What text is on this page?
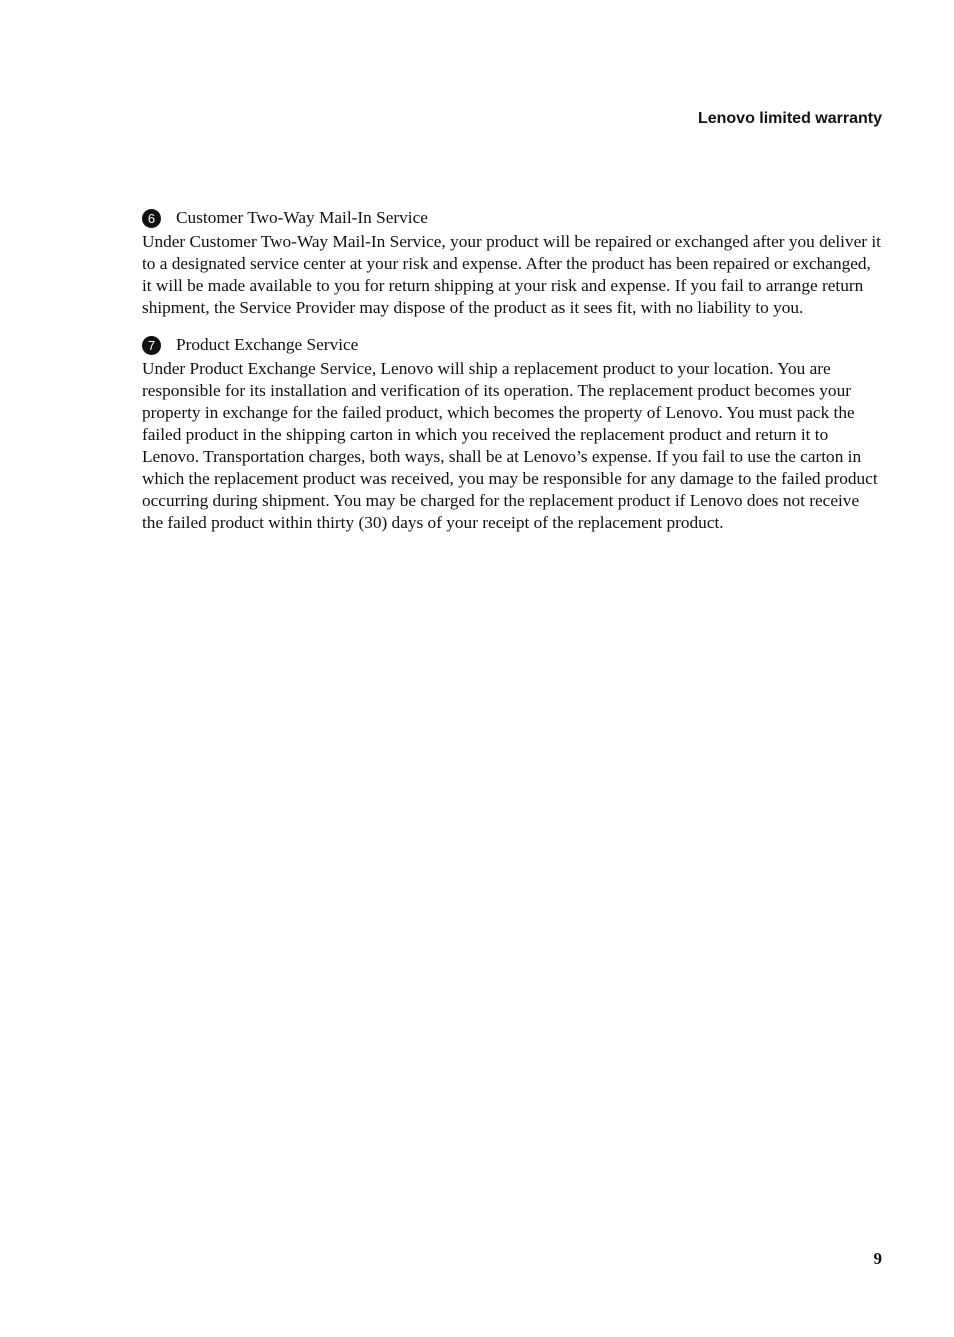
Lenovo limited warranty
6	Customer Two-Way Mail-In Service

Under Customer Two-Way Mail-In Service, your product will be repaired or exchanged after you deliver it to a designated service center at your risk and expense. After the product has been repaired or exchanged, it will be made available to you for return shipping at your risk and expense. If you fail to arrange return shipment, the Service Provider may dispose of the product as it sees fit, with no liability to you.

7	Product Exchange Service

Under Product Exchange Service, Lenovo will ship a replacement product to your location. You are responsible for its installation and verification of its operation. The replacement product becomes your property in exchange for the failed product, which becomes the property of Lenovo. You must pack the failed product in the shipping carton in which you received the replacement product and return it to Lenovo. Transportation charges, both ways, shall be at Lenovo’s expense. If you fail to use the carton in which the replacement product was received, you may be responsible for any damage to the failed product occurring during shipment. You may be charged for the replacement product if Lenovo does not receive the failed product within thirty (30) days of your receipt of the replacement product.

9
